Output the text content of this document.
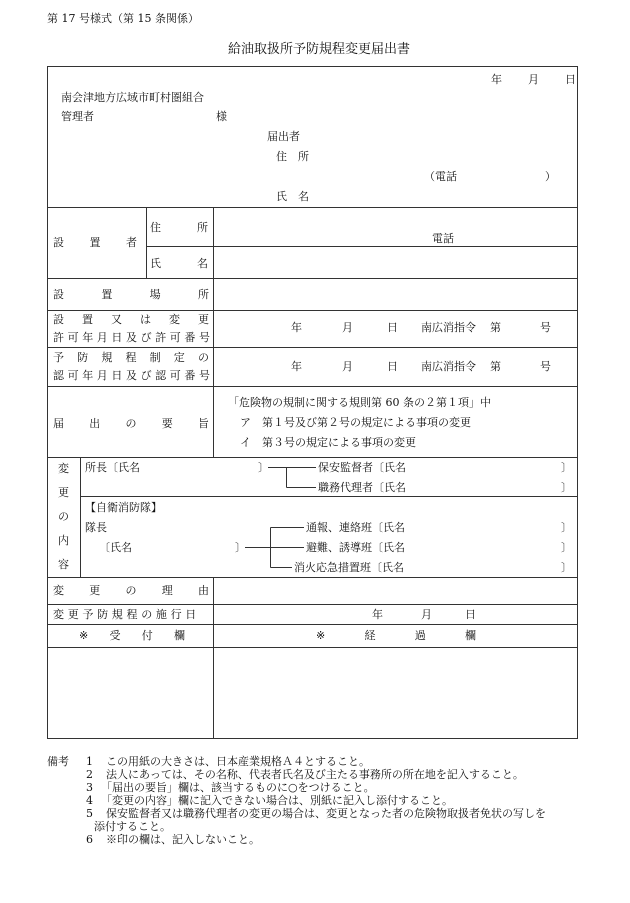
第 17 号様式（第 15 条関係）
給油取扱所予防規程変更届出書
年 月 日
南会津地方広域市町村圏組合
管理者	様
届出者
住　所
（電話　　　　　　　　）
氏　名
設 置 者
住	所
電話
氏	名
設	置	場	所
設 置 又 は 変 更
許可年月日及び許可番号
年	月	日 南広消指令 第	号
予 防 規 程 制 定 の
認可年月日及び認可番号
年	月	日 南広消指令 第	号
届 出 の 要 旨
「危険物の規制に関する規則第 60 条の２第１項」中
ア　第１号及び第２号の規定による事項の変更
イ　第３号の規定による事項の変更
変
更
の
内
容
所長〔氏名	〕	保安監督者〔氏名	〕
職務代理者〔氏名	〕
【自衛消防隊】
隊長
〔氏名	〕
通報、連絡班〔氏名	〕
避難、誘導班〔氏名	〕
消火応急措置班〔氏名	〕
変 更 の 理 由
変更予防規程の施行日	年	月	日
※ 受 付 欄	※	経	過	欄
備考 1 この用紙の大きさは、日本産業規格Ａ４とすること。
2 法人にあっては、その名称、代表者氏名及び主たる事務所の所在地を記入すること。
3 「届出の要旨」欄は、該当するものに○をつけること。
4 「変更の内容」欄に記入できない場合は、別紙に記入し添付すること。
5 保安監督者又は職務代理者の変更の場合は、変更となった者の危険物取扱者免状の写しを
添付すること。
6 ※印の欄は、記入しないこと。
